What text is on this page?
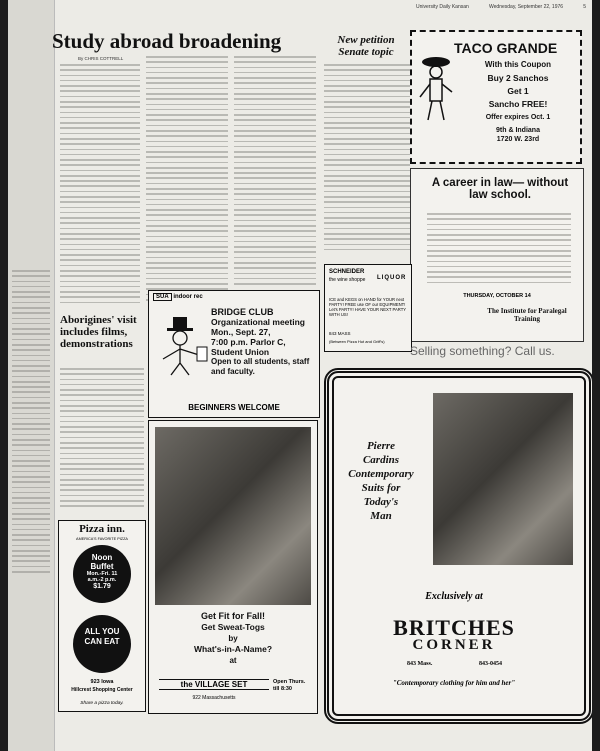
University Daily Kansan	Wednesday, September 22, 1976	5
Study abroad broadening
By CHRIS COTTRELL
New petition Senate topic	TACO GRANDE
With this Coupon
Buy 2 Sanchos
Get 1
Sancho FREE!
Offer expires Oct. 1
9th & Indiana
1720 W. 23rd
A career in law— without law school.
THURSDAY, OCTOBER 14
The Institute for Paralegal Training
SUA indoor rec
BRIDGE CLUB
Organizational meeting
Mon., Sept. 27,
7:00 p.m. Parlor C,
Student Union
Open to all students, staff and faculty.
BEGINNERS WELCOME
Aborigines' visit includes films, demonstrations
SCHNEIDER
the wine shoppe	LIQUOR
ICE and KEGS on HAND for YOUR next PARTY! FREE use OF our EQUIPMENT! Let's PARTY! HAVE YOUR NEXT PARTY WITH US!
843 MASS
(Between Pizza Hut and Griff's)
Selling something? Call us.
Pizza inn.
AMERICA'S FAVORITE PIZZA
Noon Buffet
Mon.-Fri. 11 a.m.-2 p.m.
$1.79
ALL YOU CAN EAT
923 Iowa
Hillcrest Shopping Center
Share a pizza today.
Get Fit for Fall!
Get Sweat-Togs
by
What's-in-A-Name?
at
the VILLAGE SET
922 Massachusetts
Open Thurs. till 8:30
Pierre
Cardins
Contemporary
Suits for
Today's
Man
Exclusively at
BRITCHES
CORNER
843 Mass.	843-0454
"Contemporary clothing for him and her"
